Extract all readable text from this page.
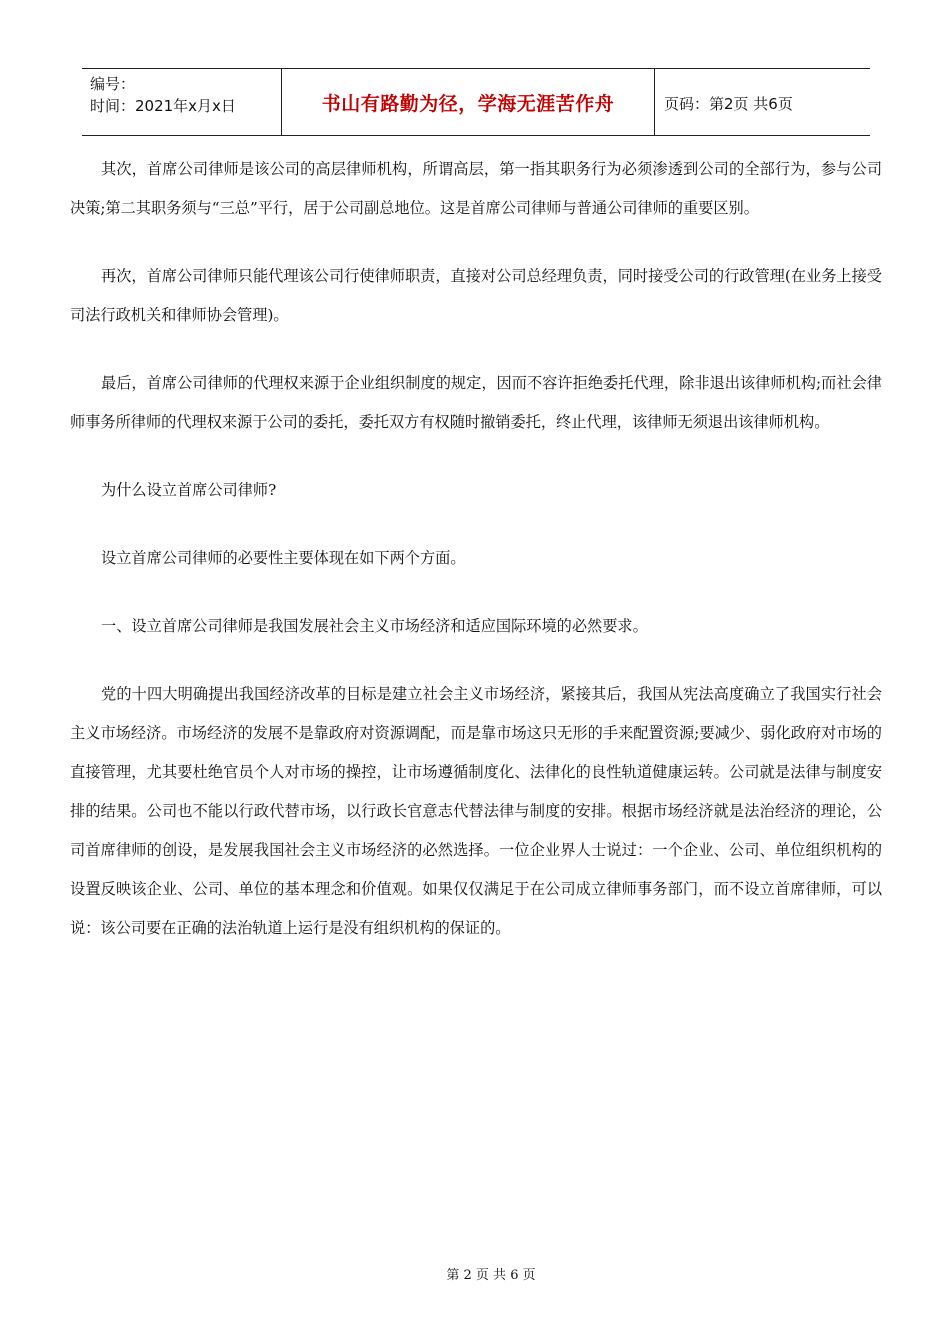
编号：
时间：2021年x月x日	书山有路勤为径，学海无涯苦作舟	页码：第2页 共6页

其次，首席公司律师是该公司的高层律师机构，所谓高层，第一指其职务行为必须渗透到公司的全部行为，参与公司决策;第二其职务须与“三总”平行，居于公司副总地位。这是首席公司律师与普通公司律师的重要区别。

再次，首席公司律师只能代理该公司行使律师职责，直接对公司总经理负责，同时接受公司的行政管理(在业务上接受司法行政机关和律师协会管理)。

最后，首席公司律师的代理权来源于企业组织制度的规定，因而不容许拒绝委托代理，除非退出该律师机构;而社会律师事务所律师的代理权来源于公司的委托，委托双方有权随时撤销委托，终止代理，该律师无须退出该律师机构。

为什么设立首席公司律师?

设立首席公司律师的必要性主要体现在如下两个方面。

一、设立首席公司律师是我国发展社会主义市场经济和适应国际环境的必然要求。

党的十四大明确提出我国经济改革的目标是建立社会主义市场经济，紧接其后，我国从宪法高度确立了我国实行社会主义市场经济。市场经济的发展不是靠政府对资源调配，而是靠市场这只无形的手来配置资源;要减少、弱化政府对市场的直接管理，尤其要杜绝官员个人对市场的操控，让市场遵循制度化、法律化的良性轨道健康运转。公司就是法律与制度安排的结果。公司也不能以行政代替市场，以行政长官意志代替法律与制度的安排。根据市场经济就是法治经济的理论，公司首席律师的创设，是发展我国社会主义市场经济的必然选择。一位企业界人士说过：一个企业、公司、单位组织机构的设置反映该企业、公司、单位的基本理念和价值观。如果仅仅满足于在公司成立律师事务部门，而不设立首席律师，可以说：该公司要在正确的法治轨道上运行是没有组织机构的保证的。

第 2 页 共 6 页
